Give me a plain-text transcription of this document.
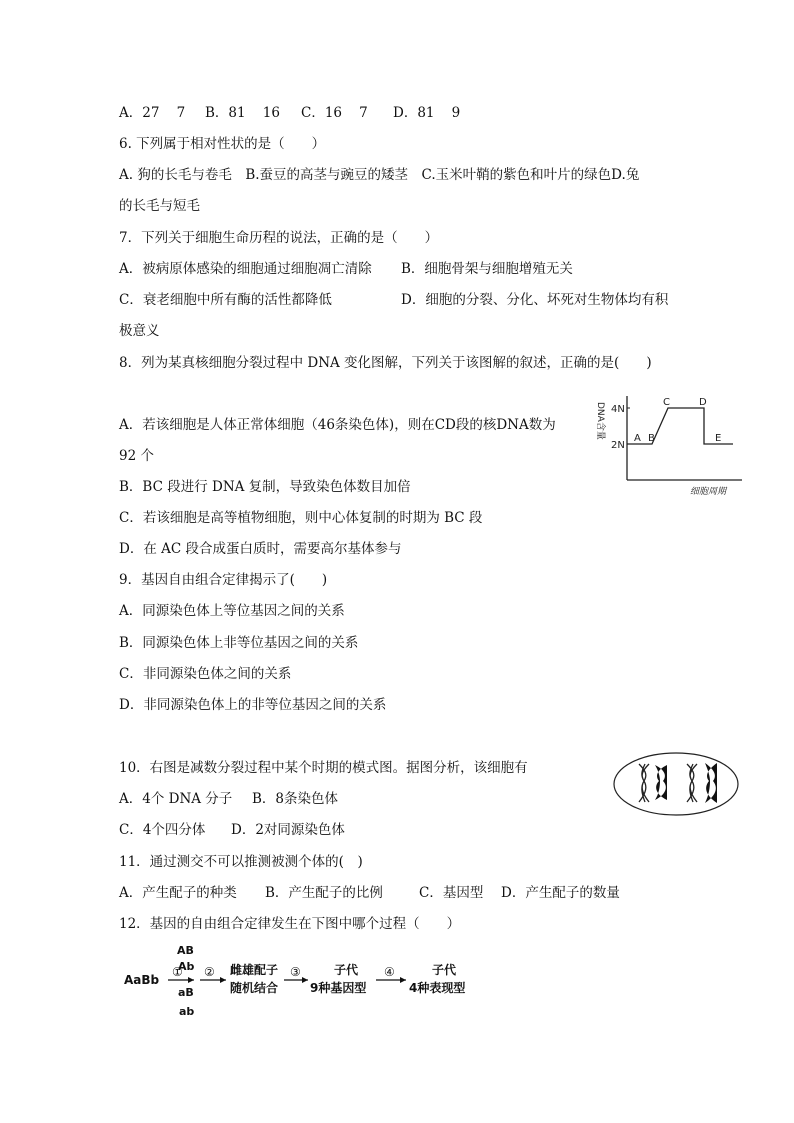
A．27    7 B．81    16 C．16    7 D．81    9
6. 下列属于相对性状的是（　　）
A. 狗的长毛与卷毛　B.蚕豆的高茎与豌豆的矮茎　C.玉米叶鞘的紫色和叶片的绿色D.兔
的长毛与短毛
7．下列关于细胞生命历程的说法，正确的是（　　）
A．被病原体感染的细胞通过细胞凋亡清除 B．细胞骨架与细胞增殖无关
C．衰老细胞中所有酶的活性都降低	D．细胞的分裂、分化、坏死对生物体均有积
极意义
8．列为某真核细胞分裂过程中 DNA 变化图解，下列关于该图解的叙述，正确的是(　　)
A．若该细胞是人体正常体细胞（46条染色体)，则在CD段的核DNA数为
92 个
B．BC 段进行 DNA 复制，导致染色体数目加倍
C．若该细胞是高等植物细胞，则中心体复制的时期为 BC 段
D．在 AC 段合成蛋白质时，需要高尔基体参与
DNA含量 4N
2N
A B
C	D
E
细胞周期
9．基因自由组合定律揭示了(　　)
A．同源染色体上等位基因之间的关系
B．同源染色体上非等位基因之间的关系
C．非同源染色体之间的关系
D．非同源染色体上的非等位基因之间的关系
10．右图是减数分裂过程中某个时期的模式图。据图分析，该细胞有
A．4个 DNA 分子 B．8条染色体
C．4个四分体 D．2对同源染色体
11．通过测交不可以推测被测个体的(　)
A．产生配子的种类 B．产生配子的比例	C．基因型 D．产生配子的数量
12．基因的自由组合定律发生在下图中哪个过程（　　）
AaBb
①
AB
Ab
aB
ab
② 雌雄配子
随机结合
③	子代
9种基因型
④	子代
4种表现型
